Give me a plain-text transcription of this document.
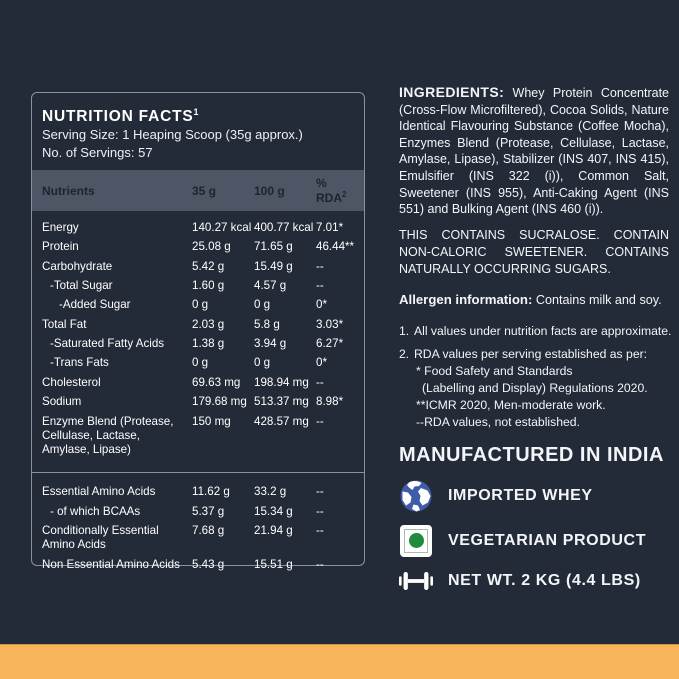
NUTRITION FACTS$^1$
Serving Size: 1 Heaping Scoop (35g approx.)
No. of Servings: 57
Nutrients	35 g	100 g
% RDA$^2$
Energy	140.27 kcal 400.77 kcal 7.01*
Protein	25.08 g	71.65 g	46.44**
Carbohydrate	5.42 g	15.49 g	--
-Total Sugar	1.60 g	4.57 g	--
-Added Sugar	0 g	0 g	0*
Total Fat	2.03 g	5.8 g	3.03*
-Saturated Fatty Acids	1.38 g	3.94 g	6.27*
-Trans Fats	0 g	0 g	0*
Cholesterol	69.63 mg	198.94 mg --
Sodium	179.68 mg 513.37 mg 8.98*
Enzyme Blend (Protease, Cellulase, Lactase, Amylase, Lipase)
150 mg	428.57 mg --
Essential Amino Acids	11.62 g	33.2 g	--
- of which BCAAs	5.37 g	15.34 g	--
Conditionally Essential Amino Acids
7.68 g	21.94 g	--
Non Essential Amino Acids	5.43 g	15.51 g	--

INGREDIENTS: Whey Protein Concentrate (Cross-Flow Microfiltered), Cocoa Solids, Nature Identical Flavouring Substance (Coffee Mocha), Enzymes Blend (Protease, Cellulase, Lactase, Amylase, Lipase), Stabilizer (INS 407, INS 415), Emulsifier (INS 322 (i)), Common Salt, Sweetener (INS 955), Anti-Caking Agent (INS 551) and Bulking Agent (INS 460 (i)).

THIS CONTAINS SUCRALOSE. CONTAIN NON-CALORIC SWEETENER. CONTAINS NATURALLY OCCURRING SUGARS.
Allergen information: Contains milk and soy.
1. All values under nutrition facts are approximate.
2. RDA values per serving established as per:
* Food Safety and Standards
(Labelling and Display) Regulations 2020.
**ICMR 2020, Men-moderate work.
--RDA values, not established.
MANUFACTURED IN INDIA
IMPORTED WHEY
VEGETARIAN PRODUCT
NET WT. 2 KG (4.4 LBS)
